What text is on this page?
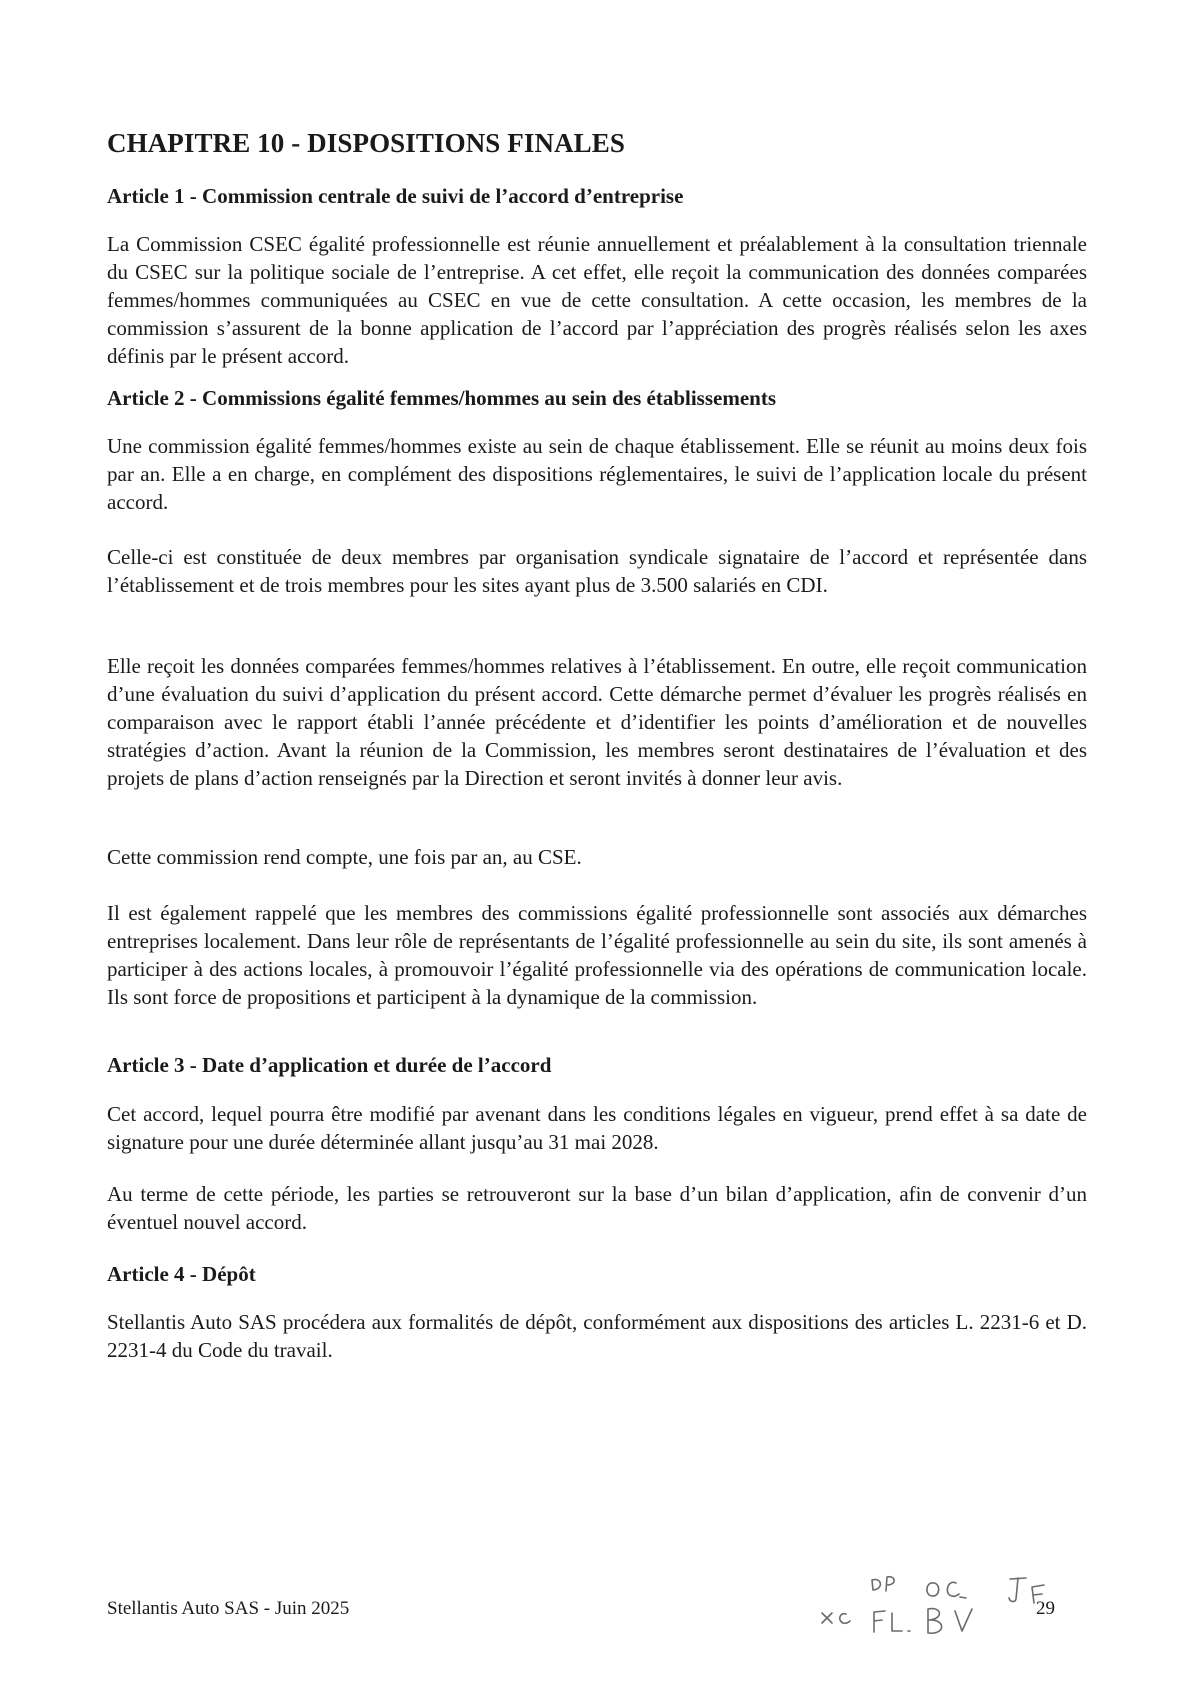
CHAPITRE 10 - DISPOSITIONS FINALES
Article 1 - Commission centrale de suivi de l’accord d’entreprise

La Commission CSEC égalité professionnelle est réunie annuellement et préalablement à la consultation triennale du CSEC sur la politique sociale de l’entreprise. A cet effet, elle reçoit la communication des données comparées femmes/hommes communiquées au CSEC en vue de cette consultation. A cette occasion, les membres de la commission s’assurent de la bonne application de l’accord par l’appréciation des progrès réalisés selon les axes définis par le présent accord.

Article 2 - Commissions égalité femmes/hommes au sein des établissements

Une commission égalité femmes/hommes existe au sein de chaque établissement. Elle se réunit au moins deux fois par an. Elle a en charge, en complément des dispositions réglementaires, le suivi de l’application locale du présent accord.

Celle-ci est constituée de deux membres par organisation syndicale signataire de l’accord et représentée dans l’établissement et de trois membres pour les sites ayant plus de 3.500 salariés en CDI.

Elle reçoit les données comparées femmes/hommes relatives à l’établissement. En outre, elle reçoit communication d’une évaluation du suivi d’application du présent accord. Cette démarche permet d’évaluer les progrès réalisés en comparaison avec le rapport établi l’année précédente et d’identifier les points d’amélioration et de nouvelles stratégies d’action. Avant la réunion de la Commission, les membres seront destinataires de l’évaluation et des projets de plans d’action renseignés par la Direction et seront invités à donner leur avis.

Cette commission rend compte, une fois par an, au CSE.

Il est également rappelé que les membres des commissions égalité professionnelle sont associés aux démarches entreprises localement. Dans leur rôle de représentants de l’égalité professionnelle au sein du site, ils sont amenés à participer à des actions locales, à promouvoir l’égalité professionnelle via des opérations de communication locale. Ils sont force de propositions et participent à la dynamique de la commission.

Article 3 - Date d’application et durée de l’accord

Cet accord, lequel pourra être modifié par avenant dans les conditions légales en vigueur, prend effet à sa date de signature pour une durée déterminée allant jusqu’au 31 mai 2028.

Au terme de cette période, les parties se retrouveront sur la base d’un bilan d’application, afin de convenir d’un éventuel nouvel accord.

Article 4 - Dépôt

Stellantis Auto SAS procédera aux formalités de dépôt, conformément aux dispositions des articles L. 2231-6 et D. 2231-4 du Code du travail.

Stellantis Auto SAS - Juin 2025	29
